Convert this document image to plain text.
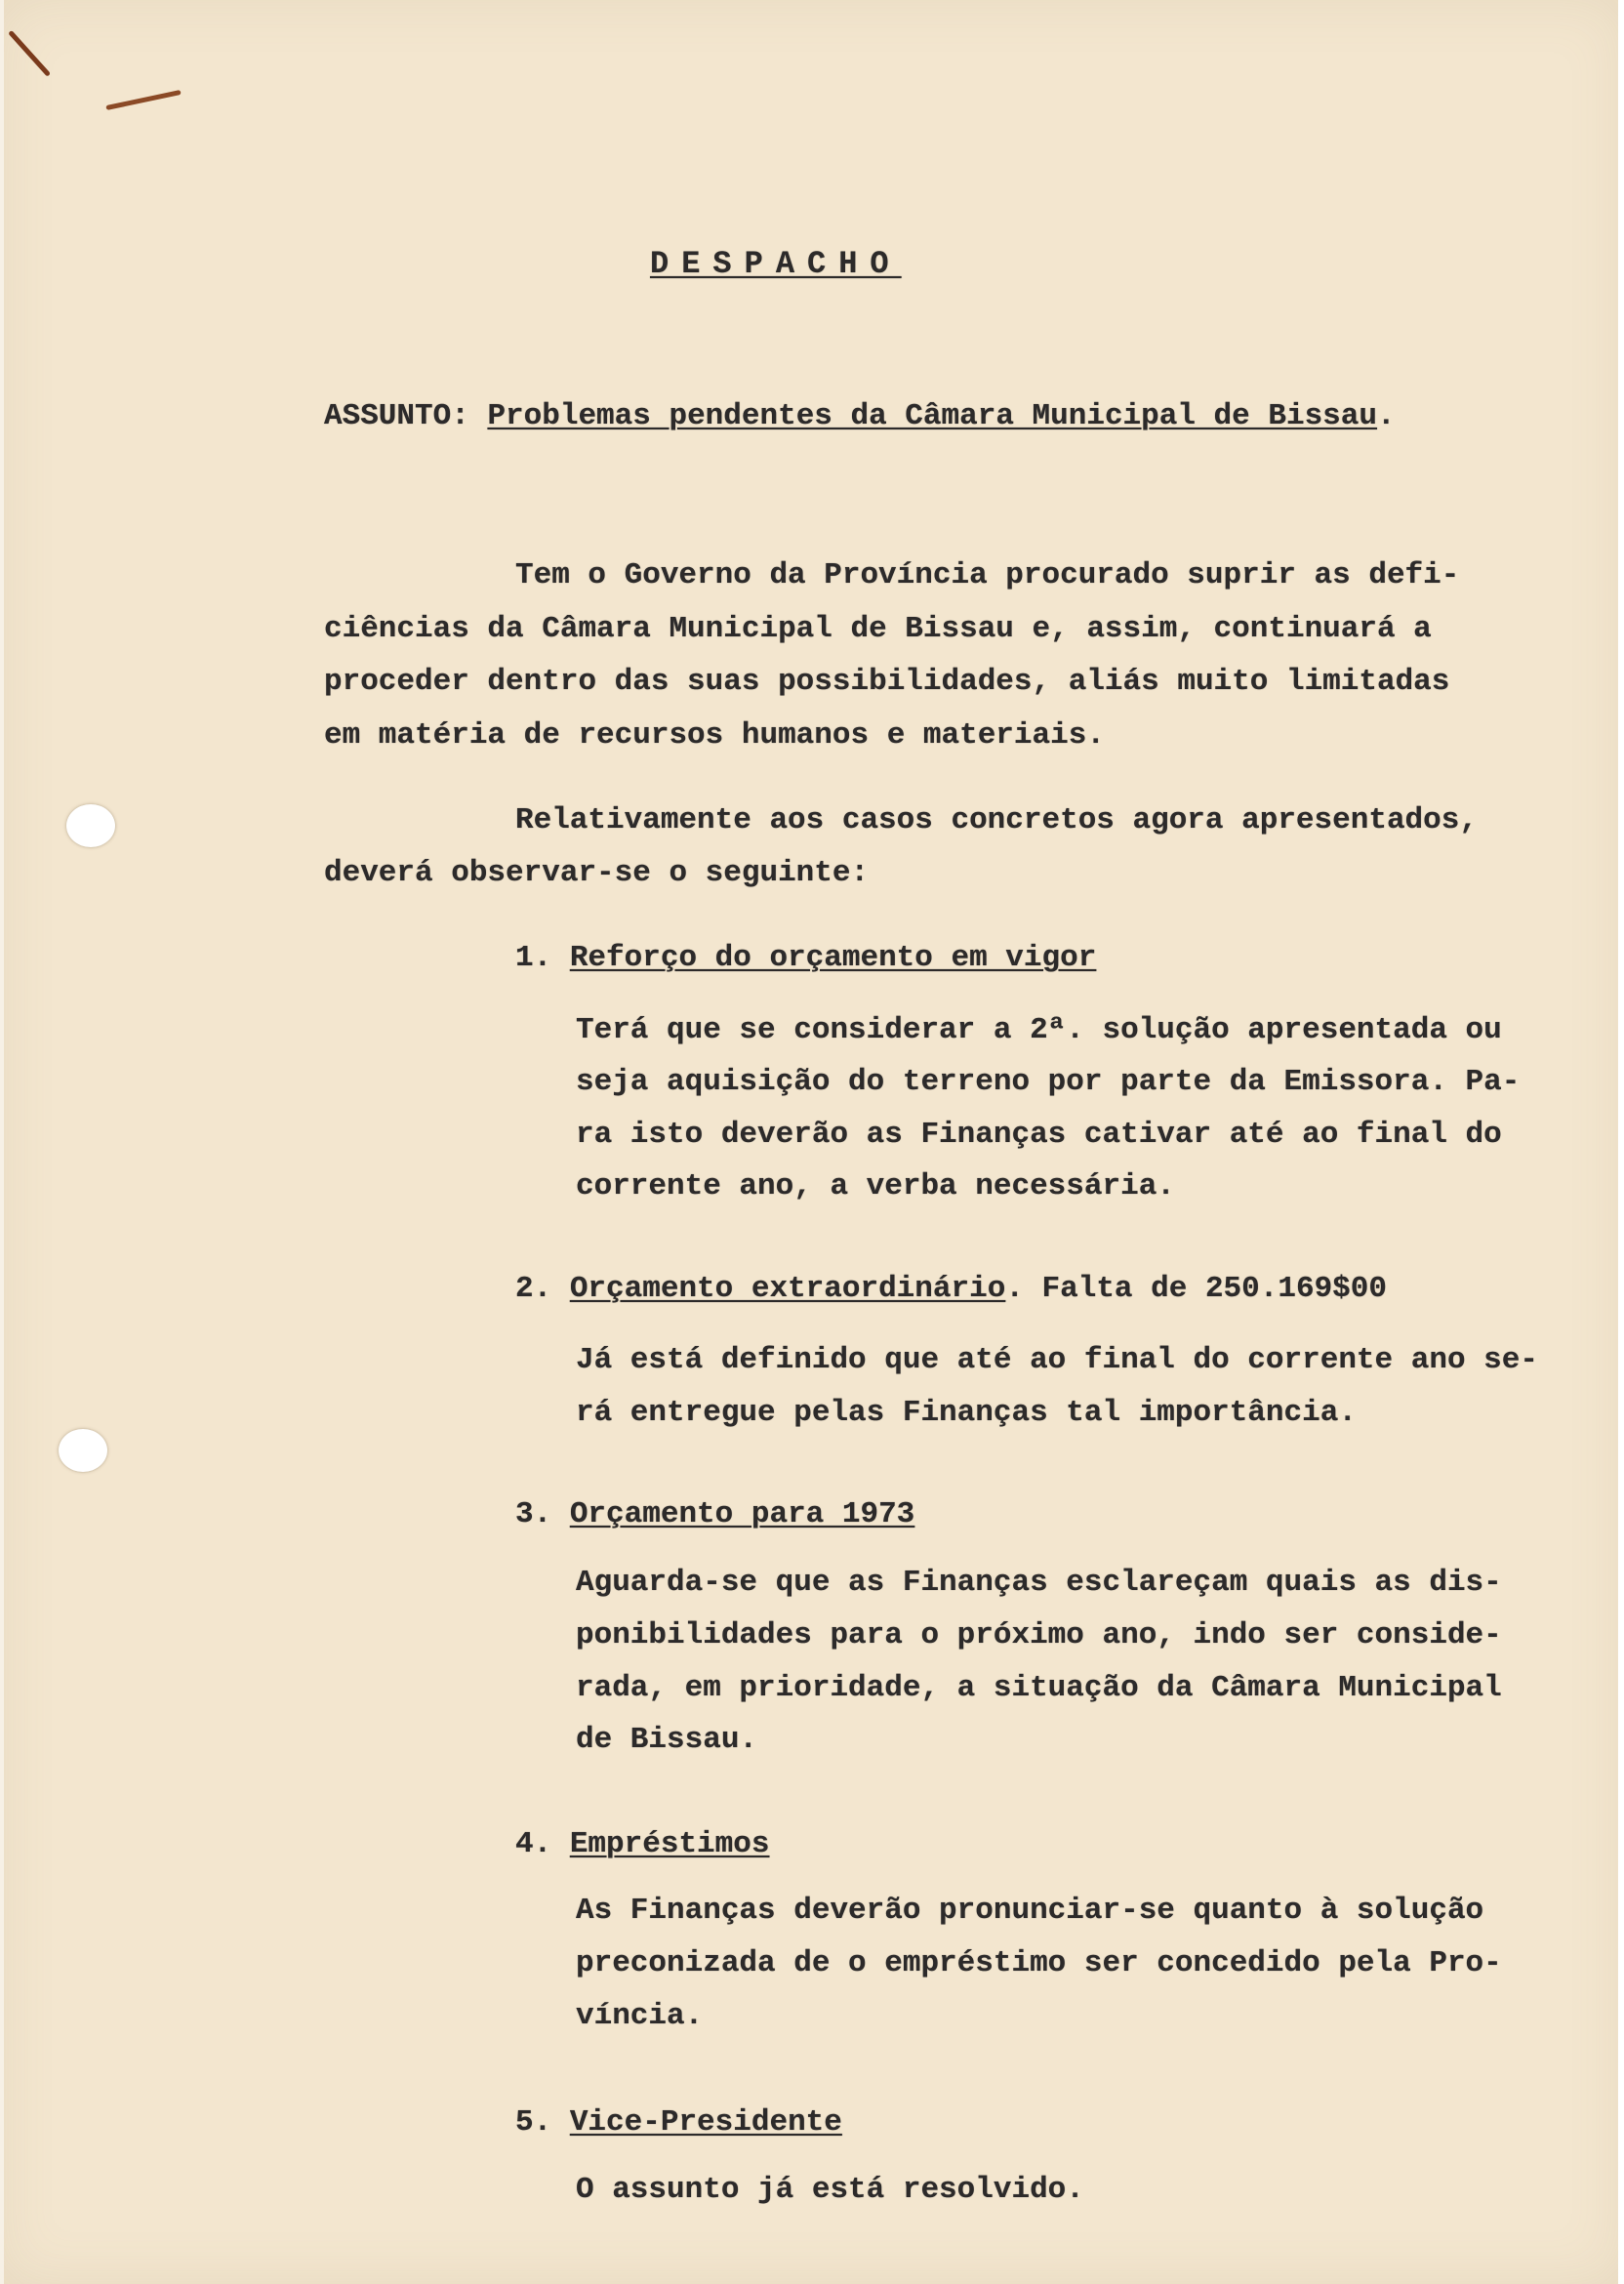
DESPACHO
ASSUNTO: Problemas pendentes da Câmara Municipal de Bissau.
Tem o Governo da Província procurado suprir as defi-
ciências da Câmara Municipal de Bissau e, assim, continuará a
proceder dentro das suas possibilidades, aliás muito limitadas
em matéria de recursos humanos e materiais.
Relativamente aos casos concretos agora apresentados,
deverá observar-se o seguinte:
1. Reforço do orçamento em vigor
Terá que se considerar a 2ª. solução apresentada ou
seja aquisição do terreno por parte da Emissora. Pa-
ra isto deverão as Finanças cativar até ao final do
corrente ano, a verba necessária.
2. Orçamento extraordinário. Falta de 250.169$00
Já está definido que até ao final do corrente ano se-
rá entregue pelas Finanças tal importância.
3. Orçamento para 1973
Aguarda-se que as Finanças esclareçam quais as dis-
ponibilidades para o próximo ano, indo ser conside-
rada, em prioridade, a situação da Câmara Municipal
de Bissau.
4. Empréstimos
As Finanças deverão pronunciar-se quanto à solução
preconizada de o empréstimo ser concedido pela Pro-
víncia.
5. Vice-Presidente
O assunto já está resolvido.
